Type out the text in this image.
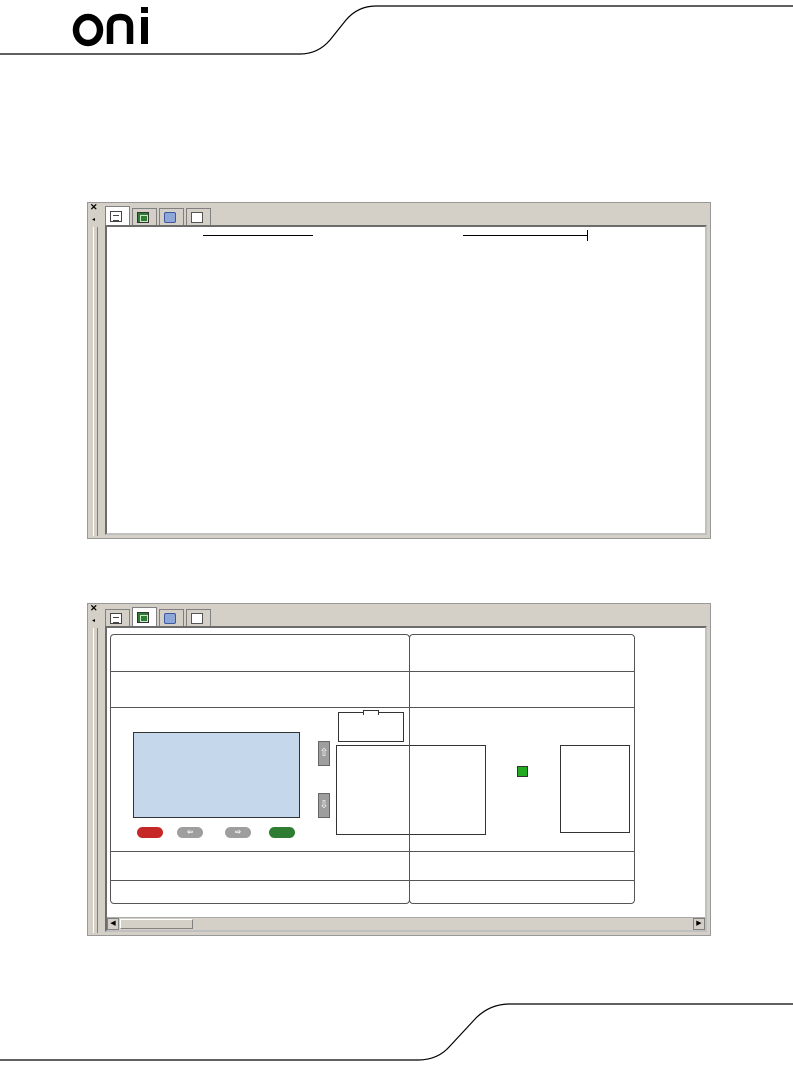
✕
◂
✕
◂
⇦	⇨
⇧
⇩
◀	▶
